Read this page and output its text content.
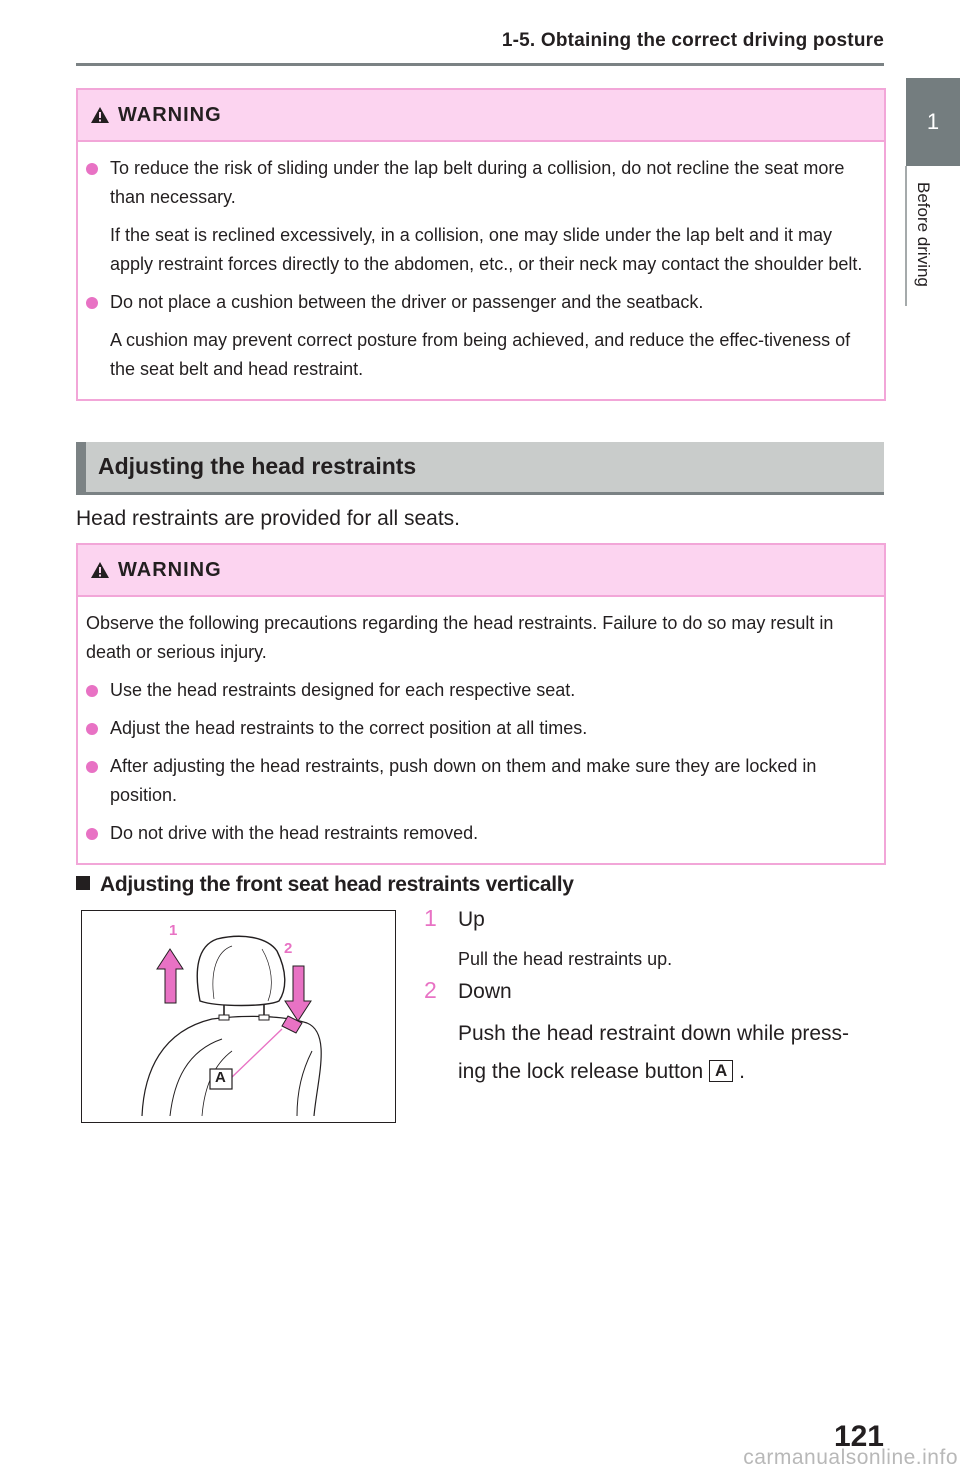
1-5. Obtaining the correct driving posture
1
Before driving
WARNING
To reduce the risk of sliding under the lap belt during a collision, do not recline the seat more than necessary.
If the seat is reclined excessively, in a collision, one may slide under the lap belt and it may apply restraint forces directly to the abdomen, etc., or their neck may contact the shoulder belt.
Do not place a cushion between the driver or passenger and the seatback.
A cushion may prevent correct posture from being achieved, and reduce the effec-tiveness of the seat belt and head restraint.
Adjusting the head restraints
Head restraints are provided for all seats.
WARNING
Observe the following precautions regarding the head restraints. Failure to do so may result in death or serious injury.
Use the head restraints designed for each respective seat.
Adjust the head restraints to the correct position at all times.
After adjusting the head restraints, push down on them and make sure they are locked in position.
Do not drive with the head restraints removed.
Adjusting the front seat head restraints vertically
1
2
A
1 Up
Pull the head restraints up.
2 Down
Push the head restraint down while press-ing the lock release button A .
121
carmanualsonline.info
